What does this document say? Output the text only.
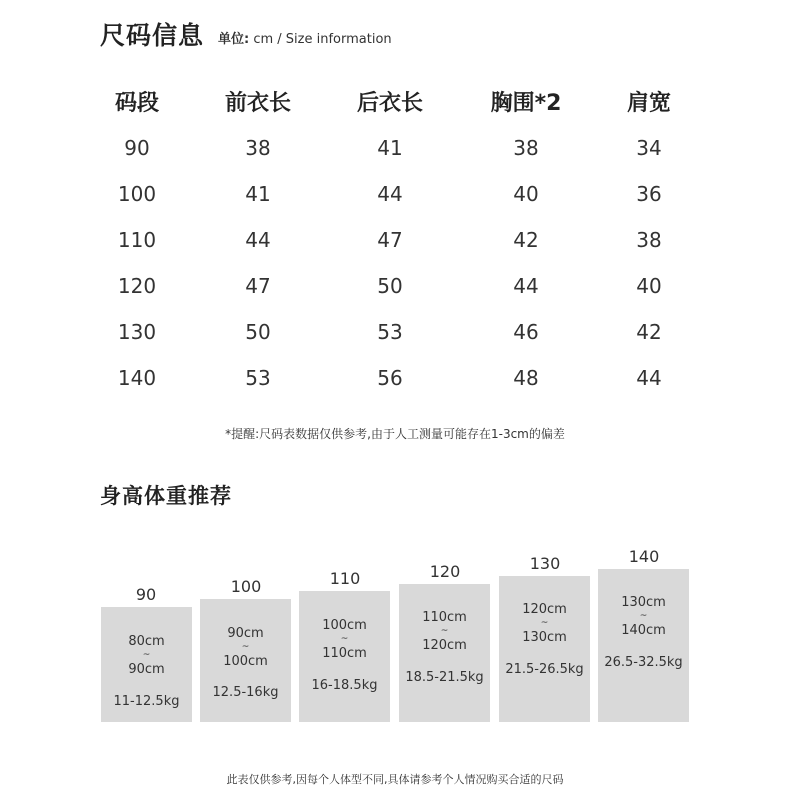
尺码信息 单位: cm / Size information
码段	前衣长	后衣长	胸围*2	肩宽
90	38	41	38	34
100	41	44	40	36
110	44	47	42	38
120	47	50	44	40
130	50	53	46	42
140	53	56	48	44
*提醒:尺码表数据仅供参考,由于人工测量可能存在1-3cm的偏差
身高体重推荐
90
80cm
~
90cm
11-12.5kg
100
90cm
~
100cm
12.5-16kg
110
100cm
~
110cm
16-18.5kg
120
110cm
~
120cm
18.5-21.5kg
130
120cm
~
130cm
21.5-26.5kg
140
130cm
~
140cm
26.5-32.5kg
此表仅供参考,因每个人体型不同,具体请参考个人情况购买合适的尺码
